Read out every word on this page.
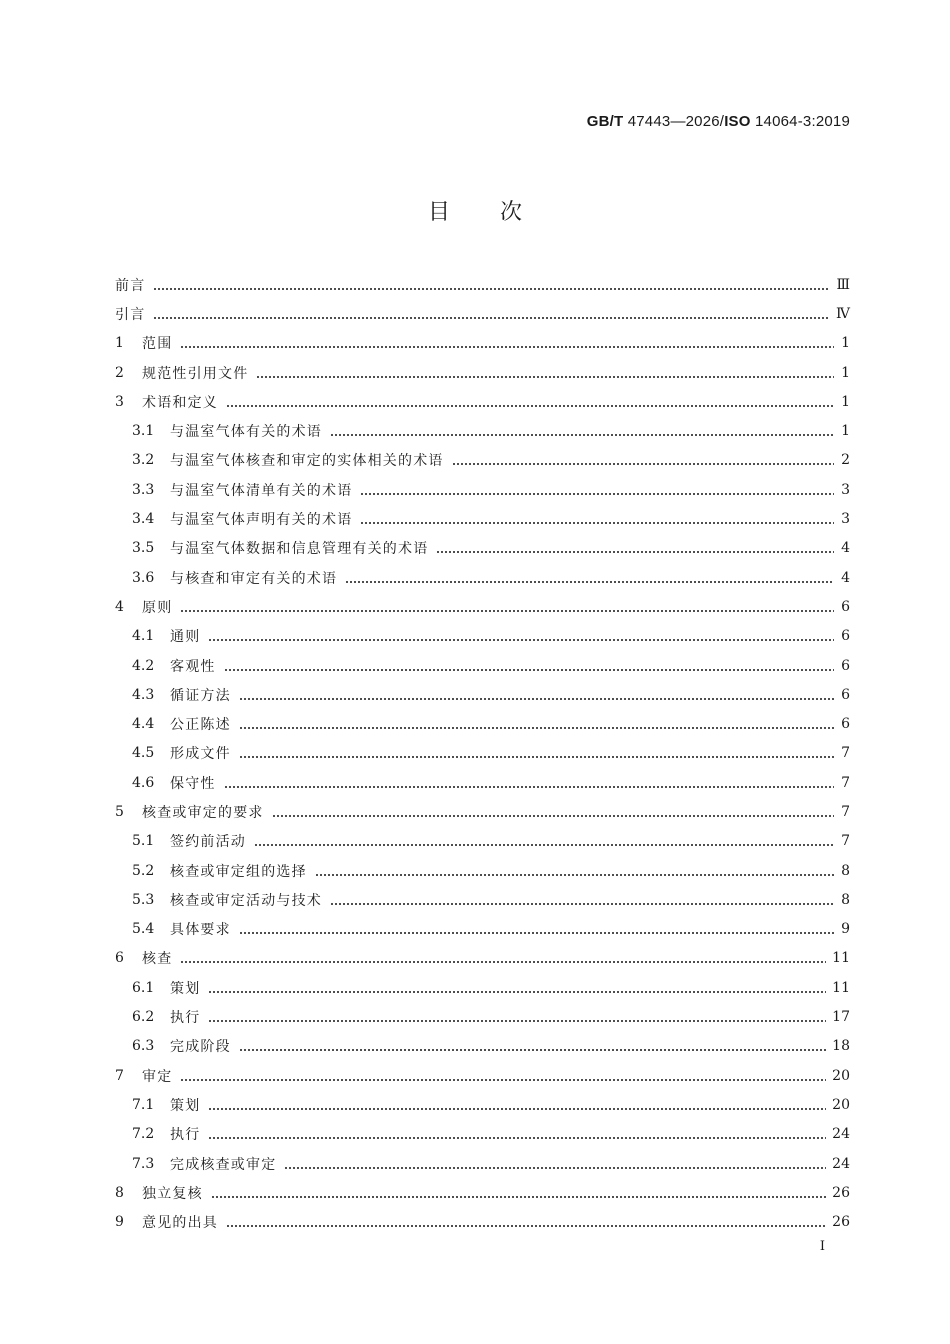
GB/T 47443—2026/ISO 14064-3:2019
目次
前言	Ⅲ
引言	Ⅳ
1	范围	1
2	规范性引用文件	1
3	术语和定义	1
3.1	与温室气体有关的术语	1
3.2	与温室气体核查和审定的实体相关的术语	2
3.3	与温室气体清单有关的术语	3
3.4	与温室气体声明有关的术语	3
3.5	与温室气体数据和信息管理有关的术语	4
3.6	与核查和审定有关的术语	4
4	原则	6
4.1	通则	6
4.2	客观性	6
4.3	循证方法	6
4.4	公正陈述	6
4.5	形成文件	7
4.6	保守性	7
5	核查或审定的要求	7
5.1	签约前活动	7
5.2	核查或审定组的选择	8
5.3	核查或审定活动与技术	8
5.4	具体要求	9
6	核查	11
6.1	策划	11
6.2	执行	17
6.3	完成阶段	18
7	审定	20
7.1	策划	20
7.2	执行	24
7.3	完成核查或审定	24
8	独立复核	26
9	意见的出具	26
I
